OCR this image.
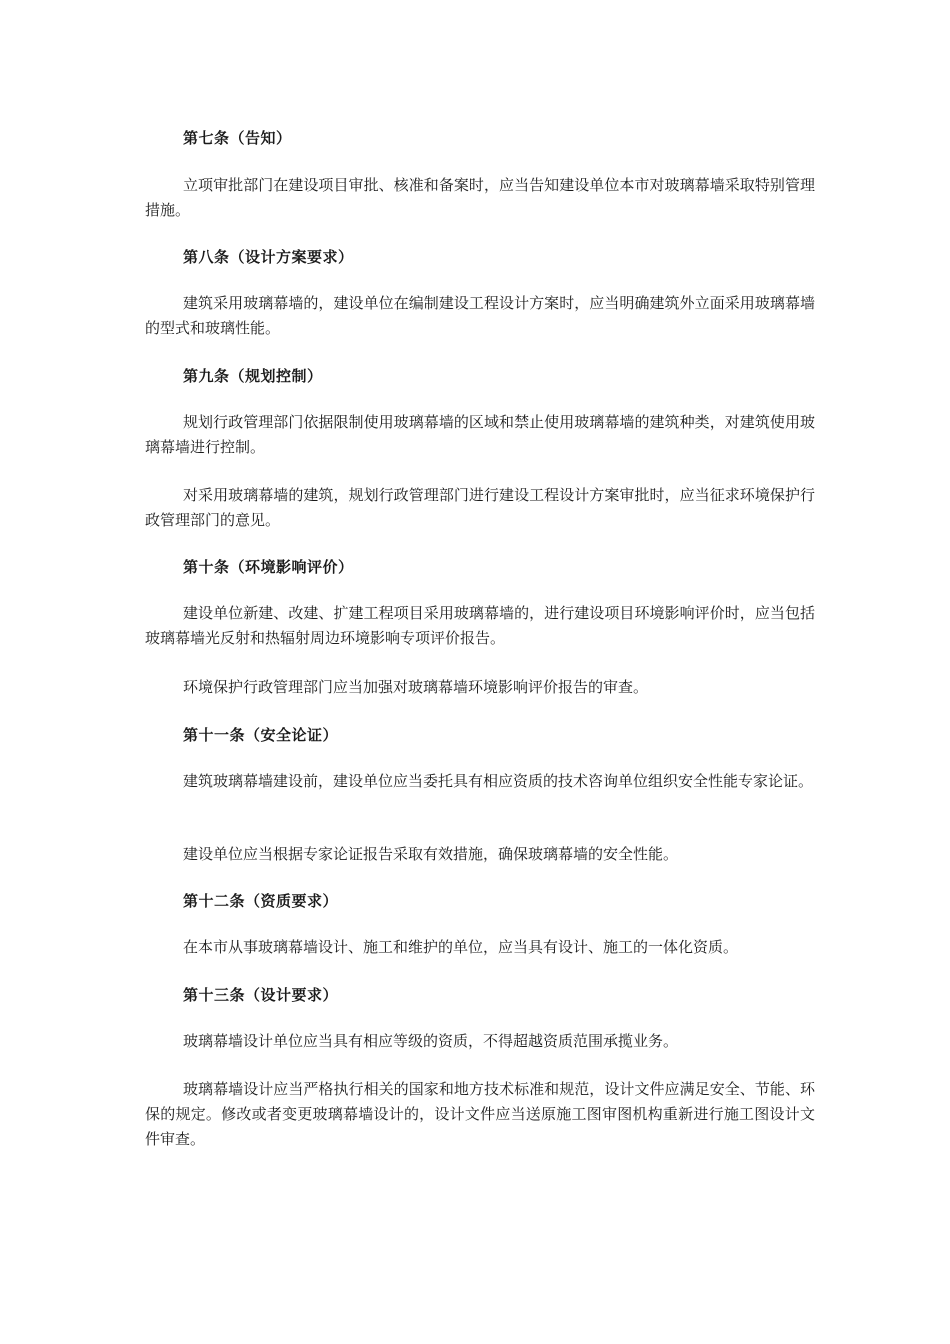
第七条（告知）
立项审批部门在建设项目审批、核准和备案时，应当告知建设单位本市对玻璃幕墙采取特别管理措施。
第八条（设计方案要求）
建筑采用玻璃幕墙的，建设单位在编制建设工程设计方案时，应当明确建筑外立面采用玻璃幕墙的型式和玻璃性能。
第九条（规划控制）
规划行政管理部门依据限制使用玻璃幕墙的区域和禁止使用玻璃幕墙的建筑种类，对建筑使用玻璃幕墙进行控制。
对采用玻璃幕墙的建筑，规划行政管理部门进行建设工程设计方案审批时，应当征求环境保护行政管理部门的意见。
第十条（环境影响评价）
建设单位新建、改建、扩建工程项目采用玻璃幕墙的，进行建设项目环境影响评价时，应当包括玻璃幕墙光反射和热辐射周边环境影响专项评价报告。
环境保护行政管理部门应当加强对玻璃幕墙环境影响评价报告的审查。
第十一条（安全论证）
建筑玻璃幕墙建设前，建设单位应当委托具有相应资质的技术咨询单位组织安全性能专家论证。
建设单位应当根据专家论证报告采取有效措施，确保玻璃幕墙的安全性能。
第十二条（资质要求）
在本市从事玻璃幕墙设计、施工和维护的单位，应当具有设计、施工的一体化资质。
第十三条（设计要求）
玻璃幕墙设计单位应当具有相应等级的资质，不得超越资质范围承揽业务。
玻璃幕墙设计应当严格执行相关的国家和地方技术标准和规范，设计文件应满足安全、节能、环保的规定。修改或者变更玻璃幕墙设计的，设计文件应当送原施工图审图机构重新进行施工图设计文件审查。
